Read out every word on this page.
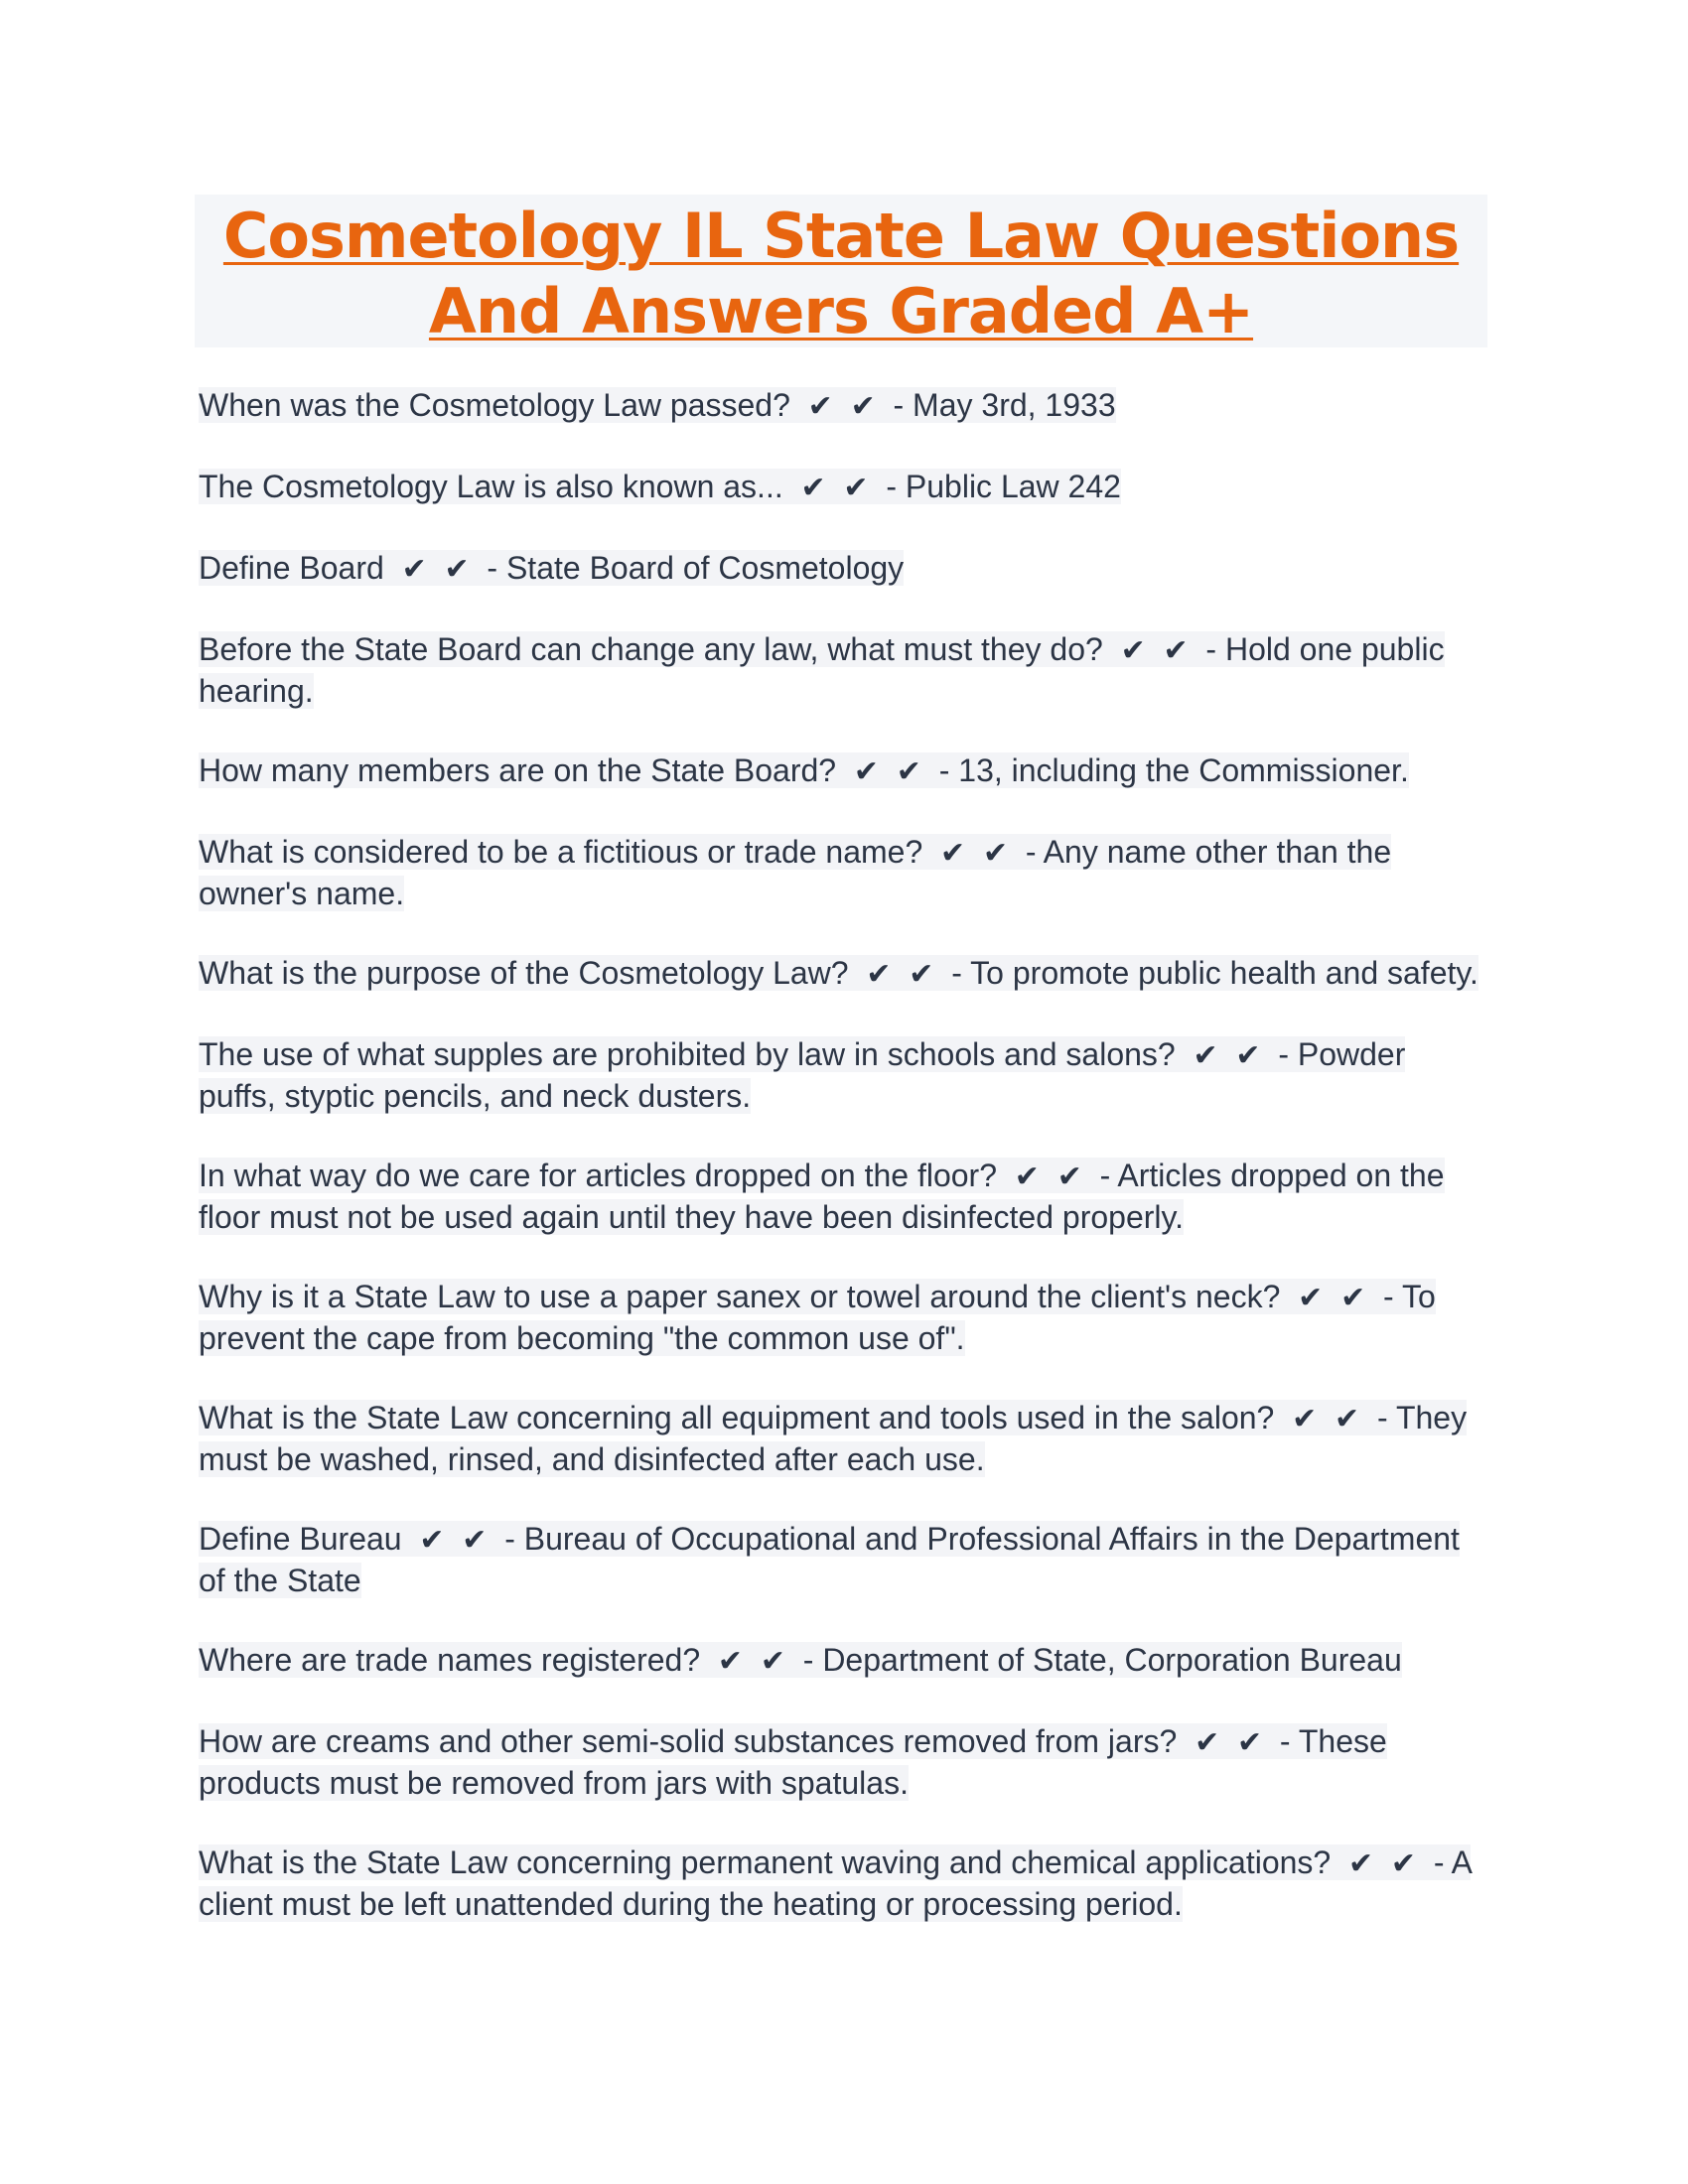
Cosmetology IL State Law Questions And Answers Graded A+
When was the Cosmetology Law passed? ✔ ✔ - May 3rd, 1933
The Cosmetology Law is also known as... ✔ ✔ - Public Law 242
Define Board ✔ ✔ - State Board of Cosmetology
Before the State Board can change any law, what must they do? ✔ ✔ - Hold one public hearing.
How many members are on the State Board? ✔ ✔ - 13, including the Commissioner.
What is considered to be a fictitious or trade name? ✔ ✔ - Any name other than the owner's name.
What is the purpose of the Cosmetology Law? ✔ ✔ - To promote public health and safety.
The use of what supples are prohibited by law in schools and salons? ✔ ✔ - Powder puffs, styptic pencils, and neck dusters.
In what way do we care for articles dropped on the floor? ✔ ✔ - Articles dropped on the floor must not be used again until they have been disinfected properly.
Why is it a State Law to use a paper sanex or towel around the client's neck? ✔ ✔ - To prevent the cape from becoming "the common use of".
What is the State Law concerning all equipment and tools used in the salon? ✔ ✔ - They must be washed, rinsed, and disinfected after each use.
Define Bureau ✔ ✔ - Bureau of Occupational and Professional Affairs in the Department of the State
Where are trade names registered? ✔ ✔ - Department of State, Corporation Bureau
How are creams and other semi-solid substances removed from jars? ✔ ✔ - These products must be removed from jars with spatulas.
What is the State Law concerning permanent waving and chemical applications? ✔ ✔ - A client must be left unattended during the heating or processing period.
